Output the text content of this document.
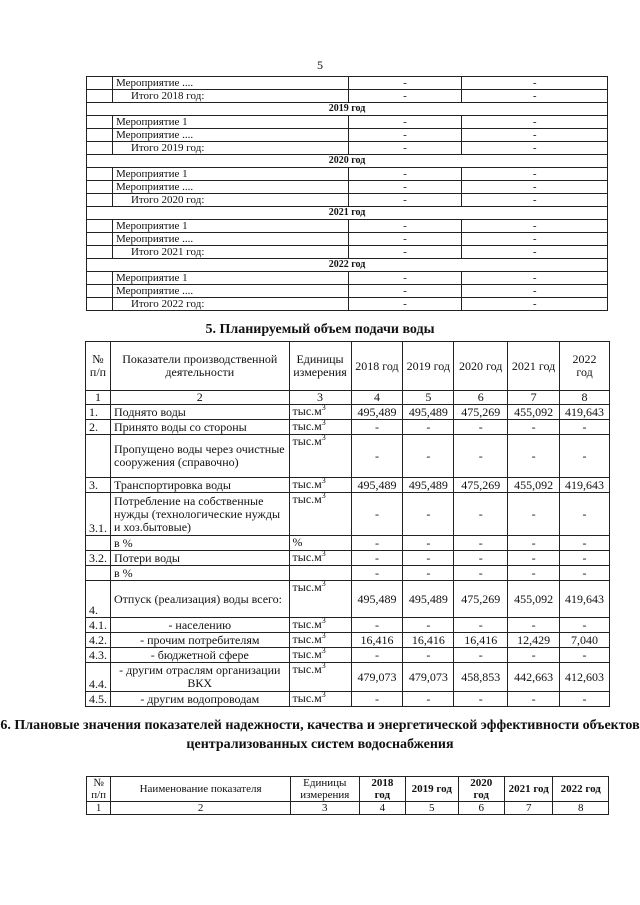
5
	Мероприятие ....	-	-
	Итого 2018 год:	-	-
2019 год			
	Мероприятие 1	-	-
	Мероприятие ....	-	-
	Итого 2019 год:	-	-
2020 год			
	Мероприятие 1	-	-
	Мероприятие ....	-	-
	Итого 2020 год:	-	-
2021 год			
	Мероприятие 1	-	-
	Мероприятие ....	-	-
	Итого 2021 год:	-	-
2022 год			
	Мероприятие 1	-	-
	Мероприятие ....	-	-
	Итого 2022 год:	-	-
5. Планируемый объем подачи воды
№ п/п	Показатели производственной деятельности	Единицы измерения	2018 год	2019 год	2020 год	2021 год	2022 год
1	2	3	4	5	6	7	8
1.	Поднято воды	$тыс.м^3$	495,489	495,489	475,269	455,092	419,643
2.	Принято воды со стороны	$тыс.м^3$	-	-	-	-	-
	Пропущено воды через очистные сооружения (справочно)	$тыс.м^3$	-	-	-	-	-
3.	Транспортировка воды	$тыс.м^3$	495,489	495,489	475,269	455,092	419,643
3.1.	Потребление на собственные нужды (технологические нужды и хоз.бытовые)	$тыс.м^3$	-	-	-	-	-
	в %	%	-	-	-	-	-
3.2.	Потери воды	$тыс.м^3$	-	-	-	-	-
	в %		-	-	-	-	-
4.	Отпуск (реализация) воды всего:	$тыс.м^3$	495,489	495,489	475,269	455,092	419,643
4.1.	- населению	$тыс.м^3$	-	-	-	-	-
4.2.	- прочим потребителям	$тыс.м^3$	16,416	16,416	16,416	12,429	7,040
4.3.	- бюджетной сфере	$тыс.м^3$	-	-	-	-	-
4.4.	- другим отраслям организации ВКХ	$тыс.м^3$	479,073	479,073	458,853	442,663	412,603
4.5.	- другим водопроводам	$тыс.м^3$	-	-	-	-	-
6. Плановые значения показателей надежности, качества и энергетической эффективности объектов централизованных систем водоснабжения
№ п/п	Наименование показателя	Единицы измерения	2018 год	2019 год	2020 год	2021 год	2022 год
1	2	3	4	5	6	7	8
